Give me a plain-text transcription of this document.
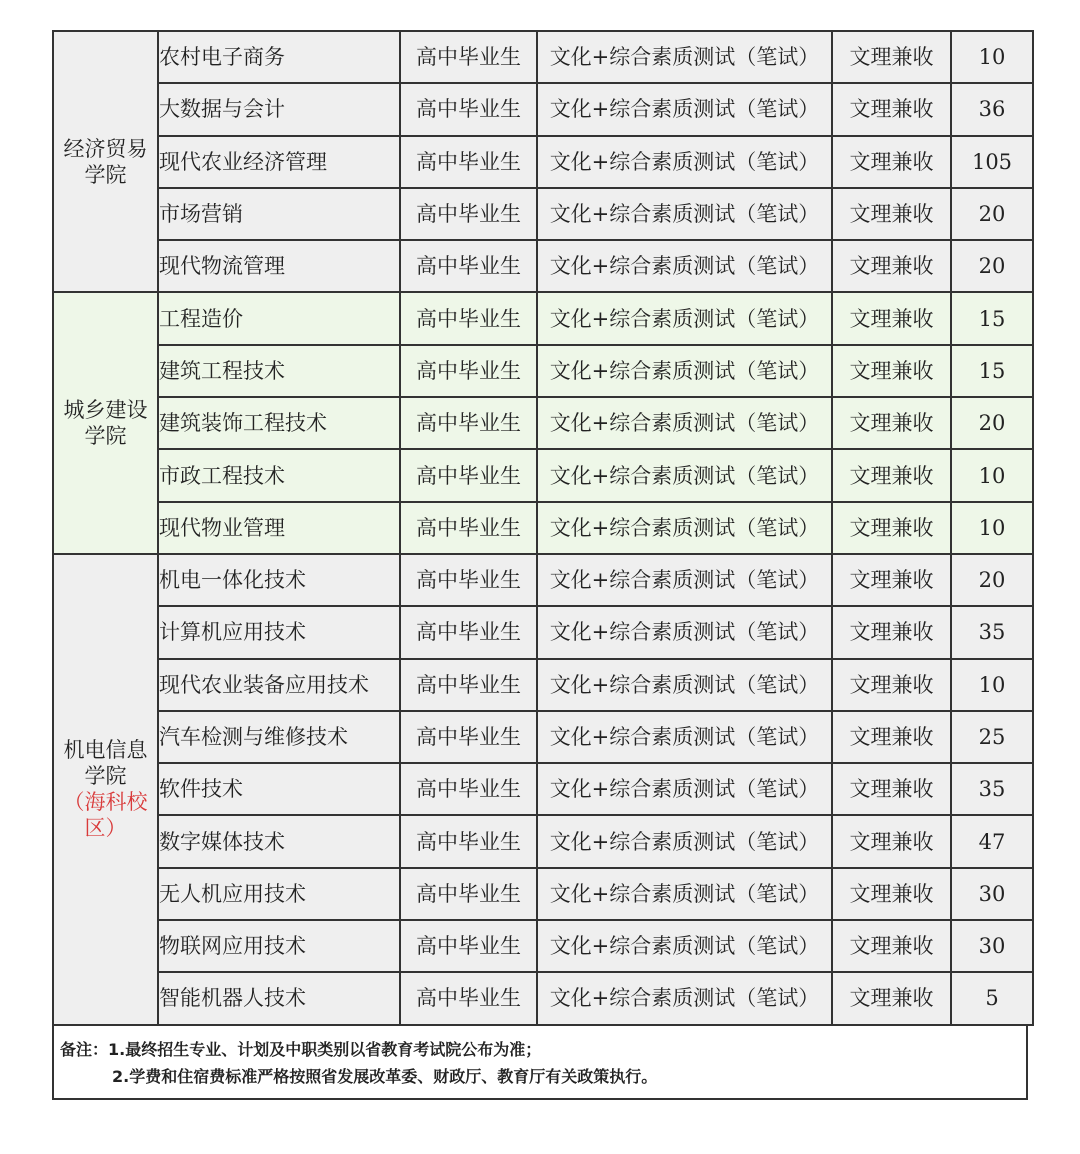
经济贸易
学院	农村电子商务	高中毕业生	文化+综合素质测试（笔试）	文理兼收	10
	大数据与会计	高中毕业生	文化+综合素质测试（笔试）	文理兼收	36
	现代农业经济管理	高中毕业生	文化+综合素质测试（笔试）	文理兼收	105
	市场营销	高中毕业生	文化+综合素质测试（笔试）	文理兼收	20
	现代物流管理	高中毕业生	文化+综合素质测试（笔试）	文理兼收	20

城乡建设
学院	工程造价	高中毕业生	文化+综合素质测试（笔试）	文理兼收	15
	建筑工程技术	高中毕业生	文化+综合素质测试（笔试）	文理兼收	15
	建筑装饰工程技术	高中毕业生	文化+综合素质测试（笔试）	文理兼收	20
	市政工程技术	高中毕业生	文化+综合素质测试（笔试）	文理兼收	10
	现代物业管理	高中毕业生	文化+综合素质测试（笔试）	文理兼收	10

机电信息
学院
（海科校
区）	机电一体化技术	高中毕业生	文化+综合素质测试（笔试）	文理兼收	20
	计算机应用技术	高中毕业生	文化+综合素质测试（笔试）	文理兼收	35
	现代农业装备应用技术	高中毕业生	文化+综合素质测试（笔试）	文理兼收	10
	汽车检测与维修技术	高中毕业生	文化+综合素质测试（笔试）	文理兼收	25
	软件技术	高中毕业生	文化+综合素质测试（笔试）	文理兼收	35
	数字媒体技术	高中毕业生	文化+综合素质测试（笔试）	文理兼收	47
	无人机应用技术	高中毕业生	文化+综合素质测试（笔试）	文理兼收	30
	物联网应用技术	高中毕业生	文化+综合素质测试（笔试）	文理兼收	30
	智能机器人技术	高中毕业生	文化+综合素质测试（笔试）	文理兼收	5
备注：1.最终招生专业、计划及中职类别以省教育考试院公布为准；
2.学费和住宿费标准严格按照省发展改革委、财政厅、教育厅有关政策执行。
